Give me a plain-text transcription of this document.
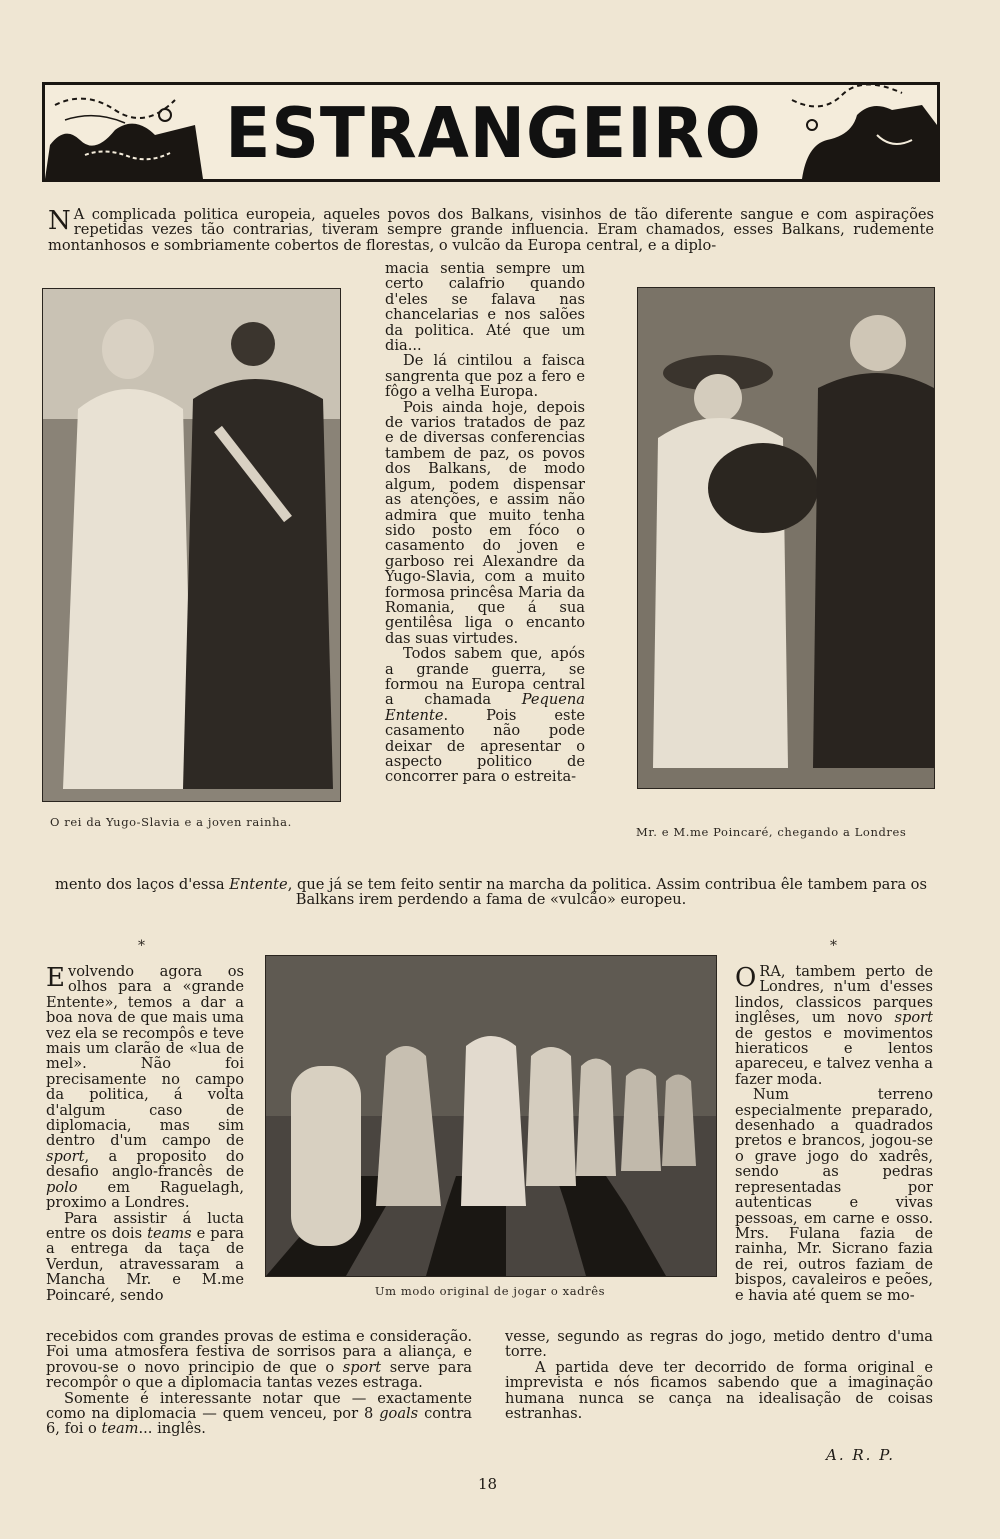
ESTRANGEIRO
N A complicada politica europeia, aqueles povos dos Balkans, visinhos de tão diferente sangue e com aspirações repetidas vezes tão contrarias, tiveram sempre grande influencia. Eram chamados, esses Balkans, rudemente montanhosos e sombriamente cobertos de florestas, o vulcão da Europa central, e a diplo-
O rei da Yugo-Slavia e a joven rainha.
macia sentia sempre um certo calafrio quando d'eles se falava nas chancelarias e nos salões da politica. Até que um dia...
De lá cintilou a faisca sangrenta que poz a fero e fôgo a velha Europa.
Pois ainda hoje, depois de varios tratados de paz e de diversas conferencias tambem de paz, os povos dos Balkans, de modo algum, podem dispensar as atenções, e assim não admira que muito tenha sido posto em fóco o casamento do joven e garboso rei Alexandre da Yugo-Slavia, com a muito formosa princêsa Maria da Romania, que á sua gentilêsa liga o encanto das suas virtudes.
Todos sabem que, após a grande guerra, se formou na Europa central a chamada Pequena Entente. Pois este casamento não pode deixar de apresentar o aspecto politico de concorrer para o estreita-
Mr. e M.me Poincaré, chegando a Londres
mento dos laços d'essa Entente, que já se tem feito sentir na marcha da politica. Assim contribua êle tambem para os Balkans irem perdendo a fama de «vulcão» europeu.
*	*
Evolvendo agora os olhos para a «grande Entente», temos a dar a boa nova de que mais uma vez ela se recompôs e teve mais um clarão de «lua de mel». Não foi precisamente no campo da politica, á volta d'algum caso de diplomacia, mas sim dentro d'um campo de sport, a proposito do desafio anglo-francês de polo em Raguelagh, proximo a Londres.
Para assistir á lucta entre os dois teams e para a entrega da taça de Verdun, atravessaram a Mancha Mr. e M.me Poincaré, sendo	Um modo original de jogar o xadrês
ORA, tambem perto de Londres, n'um d'esses lindos, classicos parques inglêses, um novo sport de gestos e movimentos hieraticos e lentos apareceu, e talvez venha a fazer moda.
Num terreno especialmente preparado, desenhado a quadrados pretos e brancos, jogou-se o grave jogo do xadrês, sendo as pedras representadas por autenticas e vivas pessoas, em carne e osso. Mrs. Fulana fazia de rainha, Mr. Sicrano fazia de rei, outros faziam de bispos, cavaleiros e peões, e havia até quem se mo-
recebidos com grandes provas de estima e consideração. Foi uma atmosfera festiva de sorrisos para a aliança, e provou-se o novo principio de que o sport serve para recompôr o que a diplomacia tantas vezes estraga.
Somente é interessante notar que — exactamente como na diplomacia — quem venceu, por 8 goals contra 6, foi o team... inglês.
vesse, segundo as regras do jogo, metido dentro d'uma torre.
A partida deve ter decorrido de forma original e imprevista e nós ficamos sabendo que a imaginação humana nunca se cança na idealisação de coisas estranhas.
A. R. P.
18
